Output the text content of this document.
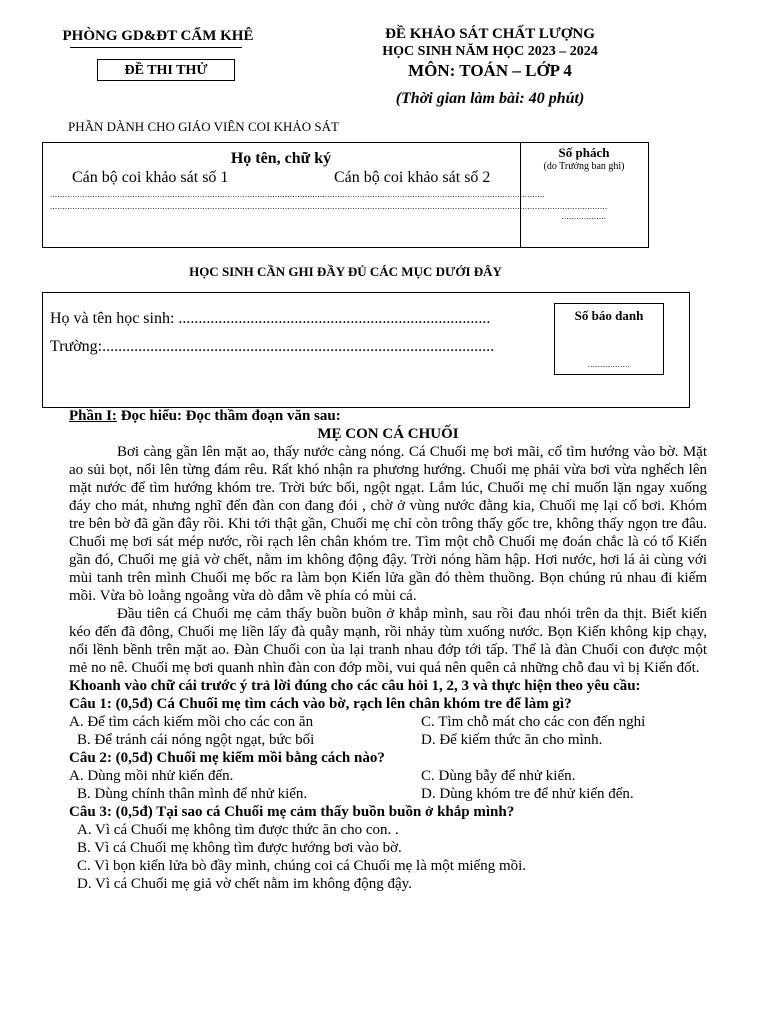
PHÒNG GD&ĐT CẨM KHÊ
ĐỀ THI THỬ
ĐỀ KHẢO SÁT CHẤT LƯỢNG
HỌC SINH NĂM HỌC 2023 – 2024
MÔN: TOÁN – LỚP 4
(Thời gian làm bài: 40 phút)
PHẦN DÀNH CHO GIÁO VIÊN COI KHẢO SÁT
Họ tên, chữ ký
Cán bộ coi khảo sát số 1	Cán bộ coi khảo sát số 2
..............................................................................................................
..............................................................................................................
...............................................................................................................................................................................................................................
Số phách
(do Trưởng ban ghi)
..................
HỌC SINH CẦN GHI ĐẦY ĐỦ CÁC MỤC DƯỚI ĐÂY
Họ và tên học sinh: ..............................................................................
Trường:..................................................................................................
Số báo danh
.................

Phần I: Đọc hiểu: Đọc thầm đoạn văn sau:

MẸ CON CÁ CHUỐI

Bơi càng gần lên mặt ao, thấy nước càng nóng. Cá Chuối mẹ bơi mãi, cố tìm hướng vào bờ. Mặt ao sủi bọt, nổi lên từng đám rêu. Rất khó nhận ra phương hướng. Chuối mẹ phải vừa bơi vừa nghếch lên mặt nước để tìm hướng khóm tre. Trời bức bối, ngột ngạt. Lắm lúc, Chuối mẹ chỉ muốn lặn ngay xuống đáy cho mát, nhưng nghĩ đến đàn con đang đói , chờ ở vùng nước đằng kia, Chuối mẹ lại cố bơi. Khóm tre bên bờ đã gần đây rồi. Khi tới thật gần, Chuối mẹ chỉ còn trông thấy gốc tre, không thấy ngọn tre đâu. Chuối mẹ bơi sát mép nước, rồi rạch lên chân khóm tre. Tìm một chỗ Chuối mẹ đoán chắc là có tổ Kiến gần đó, Chuối mẹ giả vờ chết, nằm im không động đậy. Trời nóng hầm hập. Hơi nước, hơi lá ải cùng với mùi tanh trên mình Chuối mẹ bốc ra làm bọn Kiến lửa gần đó thèm thuồng. Bọn chúng rủ nhau đi kiếm mồi. Vừa bò loằng ngoằng vừa dò dẫm về phía có mùi cá.

Đầu tiên cá Chuối mẹ cảm thấy buồn buồn ở khắp mình, sau rồi đau nhói trên da thịt. Biết kiến kéo đến đã đông, Chuối mẹ liền lấy đà quẫy mạnh, rồi nhảy tùm xuống nước. Bọn Kiến không kịp chạy, nổi lềnh bềnh trên mặt ao. Đàn Chuối con ùa lại tranh nhau đớp tới tấp. Thế là đàn Chuối con được một mẻ no nê. Chuối mẹ bơi quanh nhìn đàn con đớp mồi, vui quá nên quên cả những chỗ đau vì bị Kiến đốt.

Khoanh vào chữ cái trước ý trả lời đúng cho các câu hỏi 1, 2, 3 và thực hiện theo yêu cầu:

Câu 1: (0,5đ) Cá Chuối mẹ tìm cách vào bờ, rạch lên chân khóm tre để làm gì?

A. Để tìm cách kiếm mồi cho các con ăn	C. Tìm chỗ mát cho các con đến nghỉ
B. Để tránh cái nóng ngột ngạt, bức bối	D. Để kiếm thức ăn cho mình.

Câu 2: (0,5đ) Chuối mẹ kiếm mồi bằng cách nào?

A. Dùng mồi nhử kiến đến.	C. Dùng bẫy để nhử kiến.
B. Dùng chính thân mình để nhử kiến.	D. Dùng khóm tre để nhử kiến đến.

Câu 3: (0,5đ) Tại sao cá Chuối mẹ cảm thấy buồn buồn ở khắp mình?

A. Vì cá Chuối mẹ không tìm được thức ăn cho con. .

B. Vì cá Chuối mẹ không tìm được hướng bơi vào bờ.

C. Vì bọn kiến lửa bò đầy mình, chúng coi cá Chuối mẹ là một miếng mồi.

D. Vì cá Chuối mẹ giả vờ chết nằm im không động đậy.
